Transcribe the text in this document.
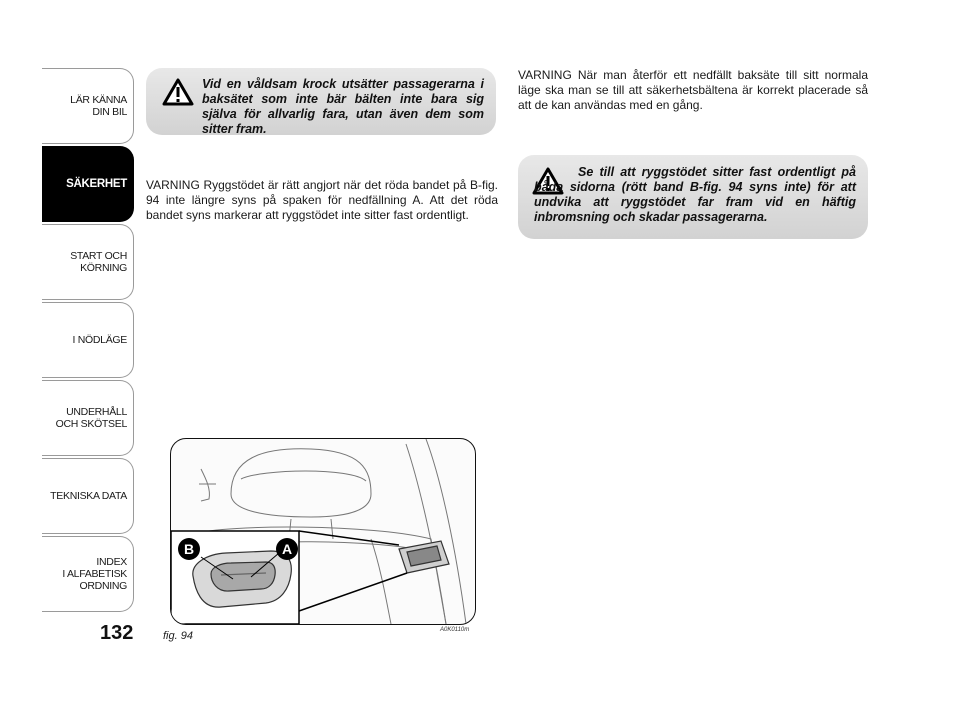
LÄR KÄNNA
DIN BIL
SÄKERHET
START OCH
KÖRNING
I NÖDLÄGE
UNDERHÅLL
OCH SKÖTSEL
TEKNISKA DATA
INDEX
I ALFABETISK
ORDNING
132

Vid en våldsam krock utsätter passagerarna i baksätet som inte bär bälten inte bara sig själva för allvarlig fara, utan även dem som sitter fram.

VARNING Ryggstödet är rätt angjort när det röda bandet på B-fig. 94 inte längre syns på spaken för nedfällning A. Att det röda bandet syns markerar att ryggstödet inte sitter fast ordentligt.

VARNING När man återför ett nedfällt baksäte till sitt normala läge ska man se till att säkerhetsbältena är korrekt placerade så att de kan användas med en gång.

Se till att ryggstödet sitter fast ordentligt på båda sidorna (rött band B-fig. 94 syns inte) för att undvika att ryggstödet far fram vid en häftig inbromsning och skadar passagerarna.

B	A
fig. 94	A0K0110m
